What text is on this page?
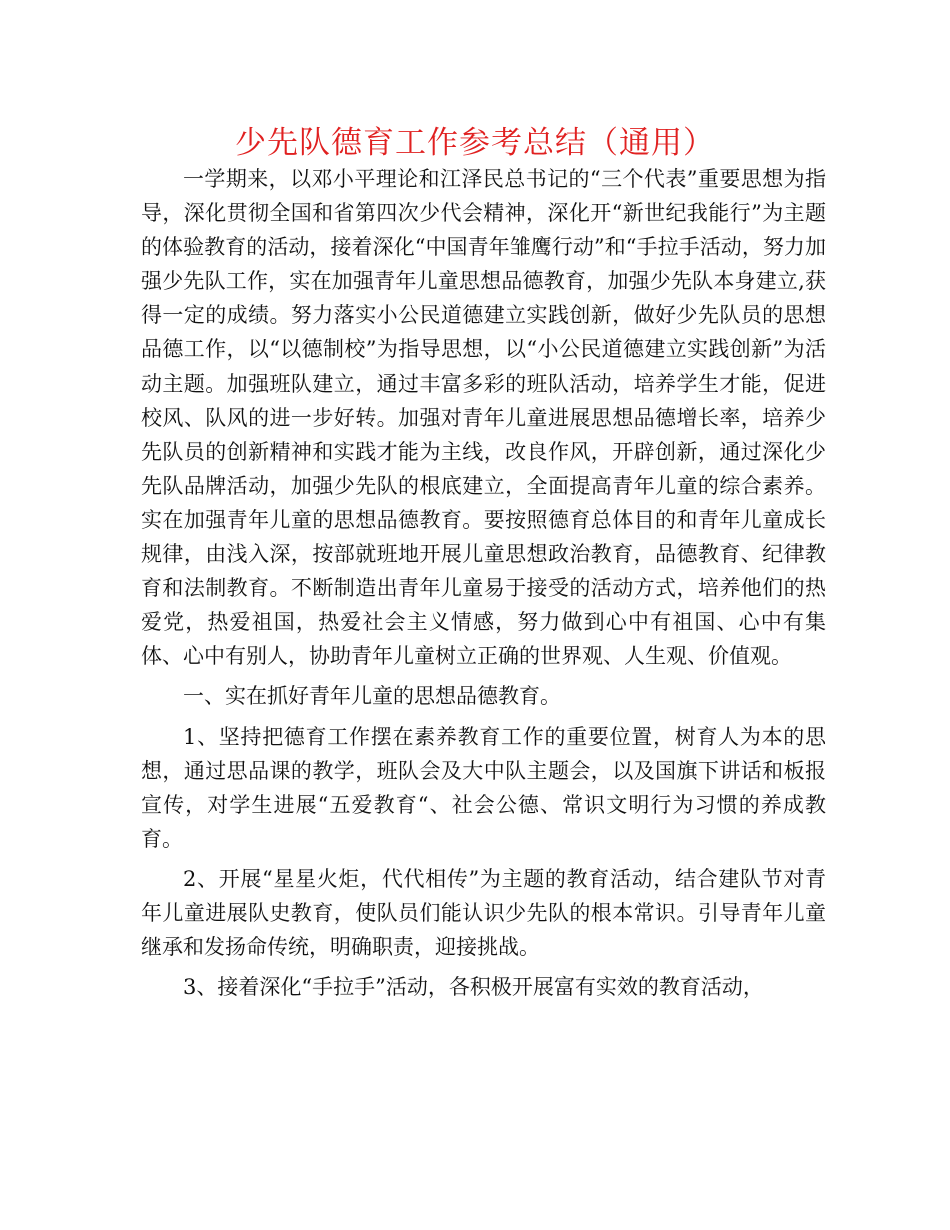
少先队德育工作参考总结（通用）

一学期来，以邓小平理论和江泽民总书记的“三个代表”重要思想为指导，深化贯彻全国和省第四次少代会精神，深化开“新世纪我能行”为主题的体验教育的活动，接着深化“中国青年雏鹰行动”和“手拉手活动，努力加强少先队工作，实在加强青年儿童思想品德教育，加强少先队本身建立,获得一定的成绩。努力落实小公民道德建立实践创新，做好少先队员的思想品德工作，以“以德制校”为指导思想，以“小公民道德建立实践创新”为活动主题。加强班队建立，通过丰富多彩的班队活动，培养学生才能，促进校风、队风的进一步好转。加强对青年儿童进展思想品德增长率，培养少先队员的创新精神和实践才能为主线，改良作风，开辟创新，通过深化少先队品牌活动，加强少先队的根底建立，全面提高青年儿童的综合素养。实在加强青年儿童的思想品德教育。要按照德育总体目的和青年儿童成长规律，由浅入深，按部就班地开展儿童思想政治教育，品德教育、纪律教育和法制教育。不断制造出青年儿童易于接受的活动方式，培养他们的热爱党，热爱祖国，热爱社会主义情感，努力做到心中有祖国、心中有集体、心中有别人，协助青年儿童树立正确的世界观、人生观、价值观。

一、实在抓好青年儿童的思想品德教育。

1、坚持把德育工作摆在素养教育工作的重要位置，树育人为本的思想，通过思品课的教学，班队会及大中队主题会，以及国旗下讲话和板报宣传，对学生进展“五爱教育“、社会公德、常识文明行为习惯的养成教育。

2、开展“星星火炬，代代相传”为主题的教育活动，结合建队节对青年儿童进展队史教育，使队员们能认识少先队的根本常识。引导青年儿童继承和发扬命传统，明确职责，迎接挑战。

3、接着深化“手拉手”活动，各积极开展富有实效的教育活动，
